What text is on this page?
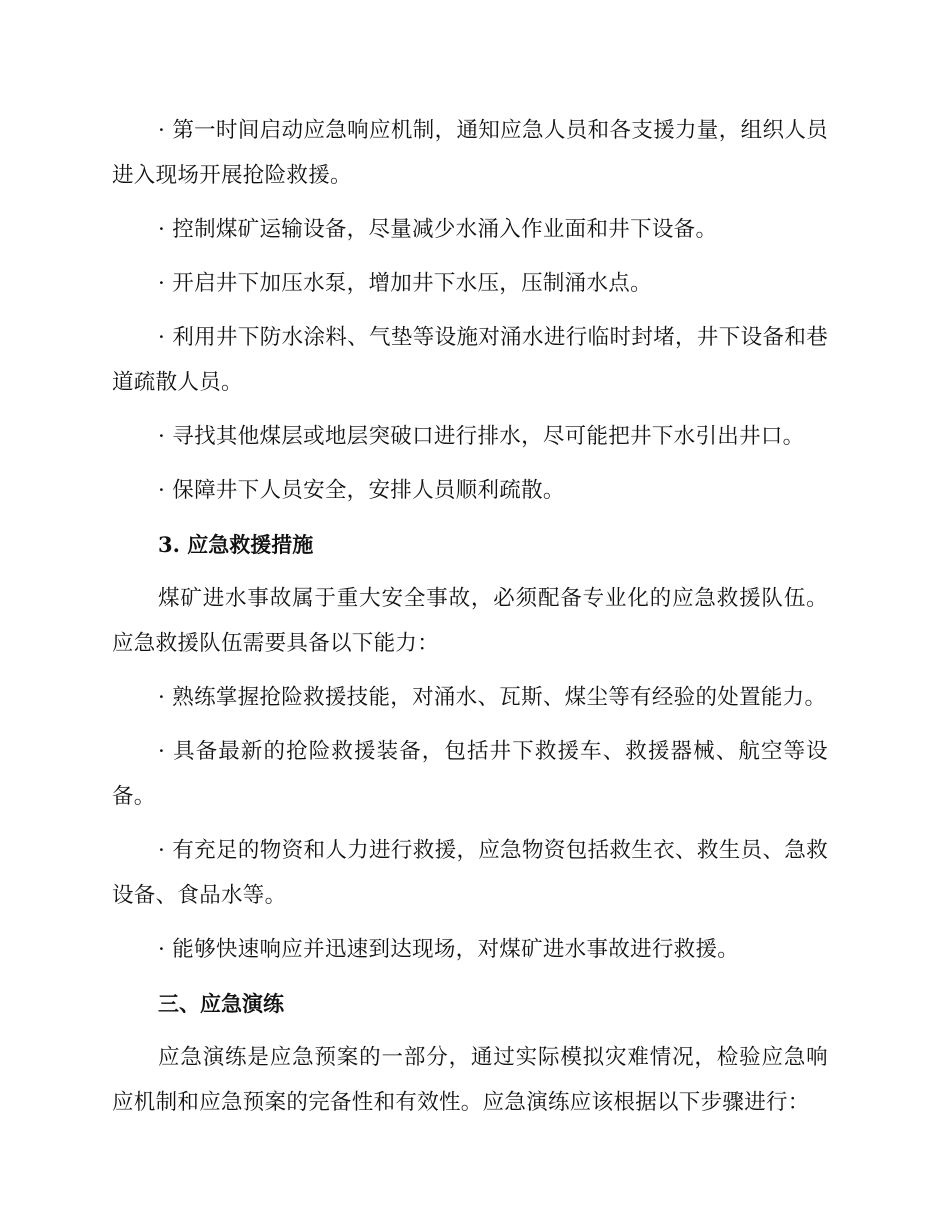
· 第一时间启动应急响应机制，通知应急人员和各支援力量，组织人员进入现场开展抢险救援。

· 控制煤矿运输设备，尽量减少水涌入作业面和井下设备。

· 开启井下加压水泵，增加井下水压，压制涌水点。

· 利用井下防水涂料、气垫等设施对涌水进行临时封堵，井下设备和巷道疏散人员。

· 寻找其他煤层或地层突破口进行排水，尽可能把井下水引出井口。

· 保障井下人员安全，安排人员顺利疏散。

3. 应急救援措施

煤矿进水事故属于重大安全事故，必须配备专业化的应急救援队伍。应急救援队伍需要具备以下能力：

· 熟练掌握抢险救援技能，对涌水、瓦斯、煤尘等有经验的处置能力。

· 具备最新的抢险救援装备，包括井下救援车、救援器械、航空等设备。

· 有充足的物资和人力进行救援，应急物资包括救生衣、救生员、急救设备、食品水等。

· 能够快速响应并迅速到达现场，对煤矿进水事故进行救援。

三、应急演练

应急演练是应急预案的一部分，通过实际模拟灾难情况，检验应急响应机制和应急预案的完备性和有效性。应急演练应该根据以下步骤进行：
